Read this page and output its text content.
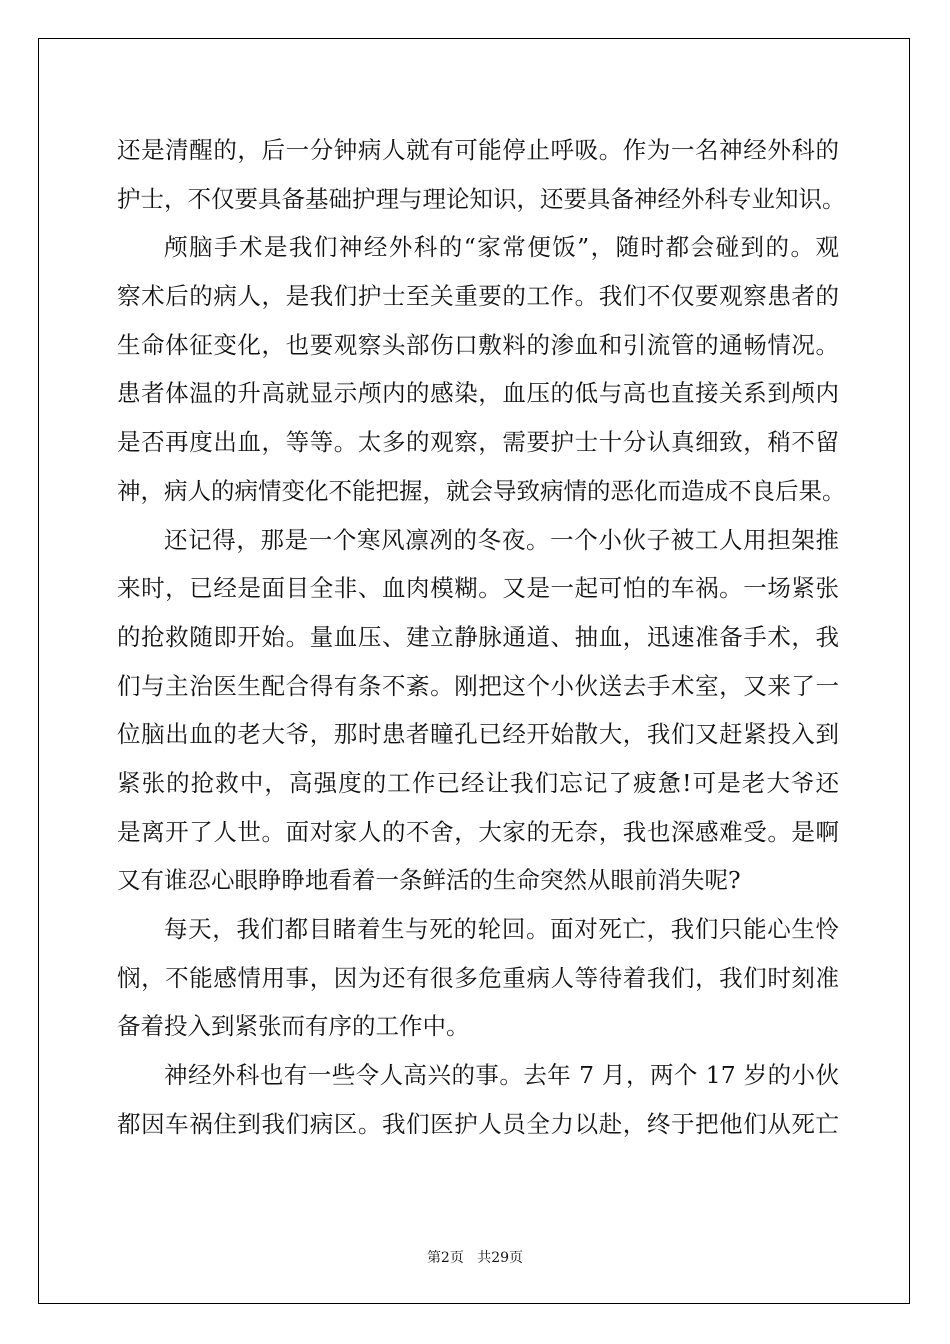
还是清醒的，后一分钟病人就有可能停止呼吸。作为一名神经外科的
护士，不仅要具备基础护理与理论知识，还要具备神经外科专业知识。
颅脑手术是我们神经外科的“家常便饭”，随时都会碰到的。观
察术后的病人，是我们护士至关重要的工作。我们不仅要观察患者的
生命体征变化，也要观察头部伤口敷料的渗血和引流管的通畅情况。
患者体温的升高就显示颅内的感染，血压的低与高也直接关系到颅内
是否再度出血，等等。太多的观察，需要护士十分认真细致，稍不留
神，病人的病情变化不能把握，就会导致病情的恶化而造成不良后果。
还记得，那是一个寒风凛冽的冬夜。一个小伙子被工人用担架推
来时，已经是面目全非、血肉模糊。又是一起可怕的车祸。一场紧张
的抢救随即开始。量血压、建立静脉通道、抽血，迅速准备手术，我
们与主治医生配合得有条不紊。刚把这个小伙送去手术室，又来了一
位脑出血的老大爷，那时患者瞳孔已经开始散大，我们又赶紧投入到
紧张的抢救中，高强度的工作已经让我们忘记了疲惫!可是老大爷还
是离开了人世。面对家人的不舍，大家的无奈，我也深感难受。是啊
又有谁忍心眼睁睁地看着一条鲜活的生命突然从眼前消失呢?
每天，我们都目睹着生与死的轮回。面对死亡，我们只能心生怜
悯，不能感情用事，因为还有很多危重病人等待着我们，我们时刻准
备着投入到紧张而有序的工作中。
神经外科也有一些令人高兴的事。去年 7 月，两个 17 岁的小伙
都因车祸住到我们病区。我们医护人员全力以赴，终于把他们从死亡
第2页 共29页
